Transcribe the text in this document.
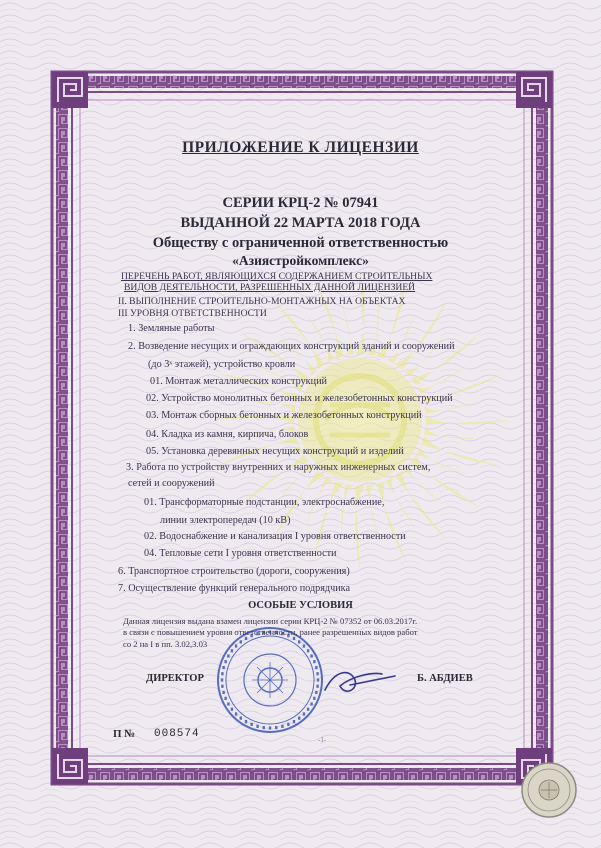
-1-
ПРИЛОЖЕНИЕ К ЛИЦЕНЗИИ
СЕРИИ КРЦ-2 № 07941
ВЫДАННОЙ 22 МАРТА 2018 ГОДА
Обществу с ограниченной ответственностью
«Азиястройкомплекс»
ПЕРЕЧЕНЬ РАБОТ, ЯВЛЯЮЩИХСЯ СОДЕРЖАНИЕМ СТРОИТЕЛЬНЫХ
ВИДОВ ДЕЯТЕЛЬНОСТИ, РАЗРЕШЕННЫХ ДАННОЙ ЛИЦЕНЗИЕЙ
II. ВЫПОЛНЕНИЕ СТРОИТЕЛЬНО-МОНТАЖНЫХ НА ОБЪЕКТАХ
III УРОВНЯ ОТВЕТСТВЕННОСТИ
1. Земляные работы
2. Возведение несущих и ограждающих конструкций зданий и сооружений
(до 3ˣ этажей), устройство кровли
01. Монтаж металлических конструкций
02. Устройство монолитных бетонных и железобетонных конструкций
03. Монтаж сборных бетонных и железобетонных конструкций
04. Кладка из камня, кирпича, блоков
05. Установка деревянных несущих конструкций и изделий
3. Работа по устройству внутренних и наружных инженерных систем,
сетей и сооружений
01. Трансформаторные подстанции, электроснабжение,
линии электропередач (10 кВ)
02. Водоснабжение и канализация I уровня ответственности
04. Тепловые сети I уровня ответственности
6. Транспортное строительство (дороги, сооружения)
7. Осуществление функций генерального подрядчика
ОСОБЫЕ УСЛОВИЯ
Данная лицензия выдана взамен лицензии серии КРЦ-2 № 07352 от 06.03.2017г.
в связи с повышением уровня ответственности, ранее разрешенных видов работ
со 2 на I в пп. 3.02,3.03
ДИРЕКТОР	Б. АБДИЕВ
П № 008574
